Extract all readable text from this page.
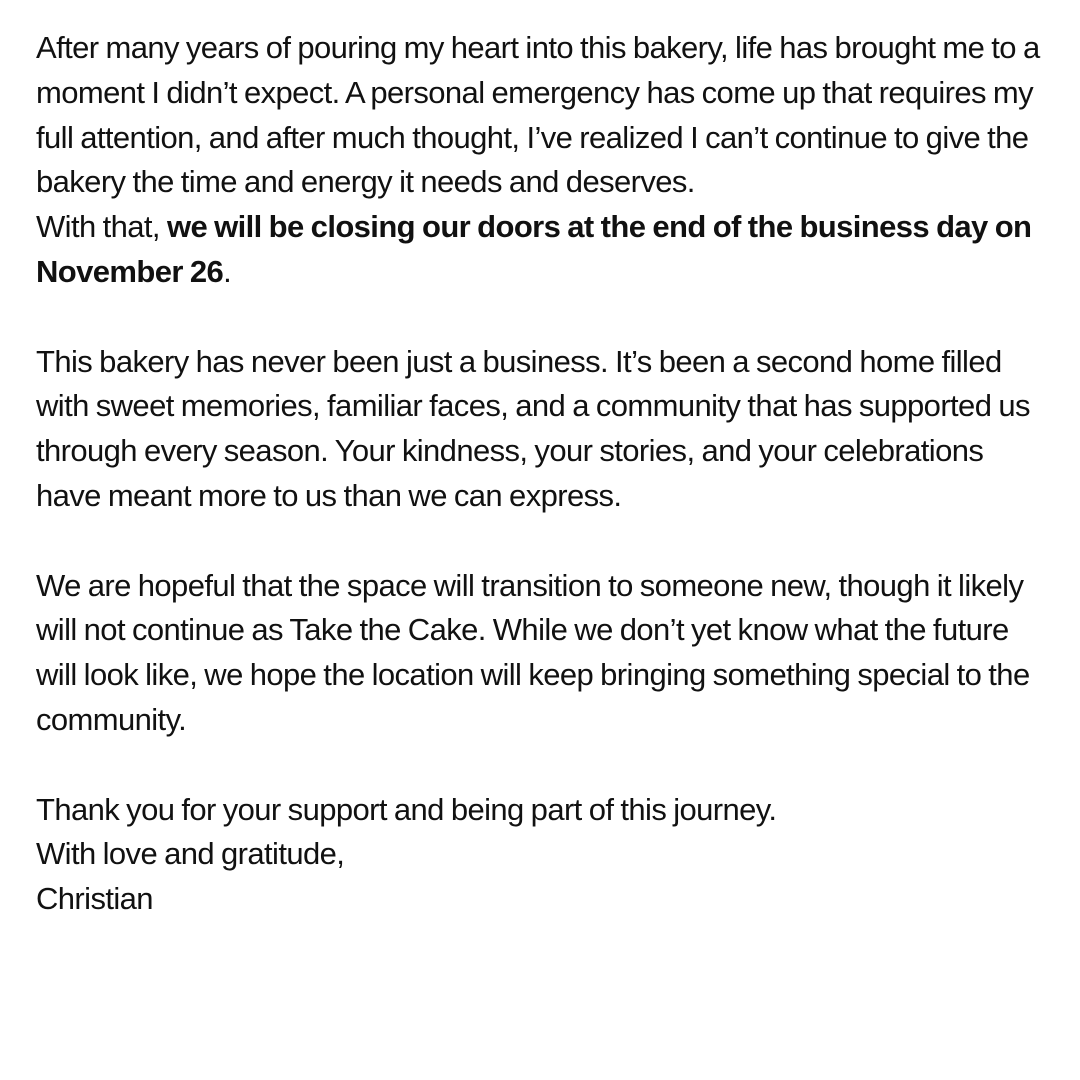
After many years of pouring my heart into this bakery, life has brought me to a moment I didn’t expect. A personal emergency has come up that requires my full attention, and after much thought, I’ve realized I can’t continue to give the bakery the time and energy it needs and deserves.

With that, we will be closing our doors at the end of the business day on November 26.

This bakery has never been just a business. It’s been a second home filled with sweet memories, familiar faces, and a community that has supported us through every season. Your kindness, your stories, and your celebrations have meant more to us than we can express.

We are hopeful that the space will transition to someone new, though it likely will not continue as Take the Cake. While we don’t yet know what the future will look like, we hope the location will keep bringing something special to the community.

Thank you for your support and being part of this journey.

With love and gratitude,

Christian
